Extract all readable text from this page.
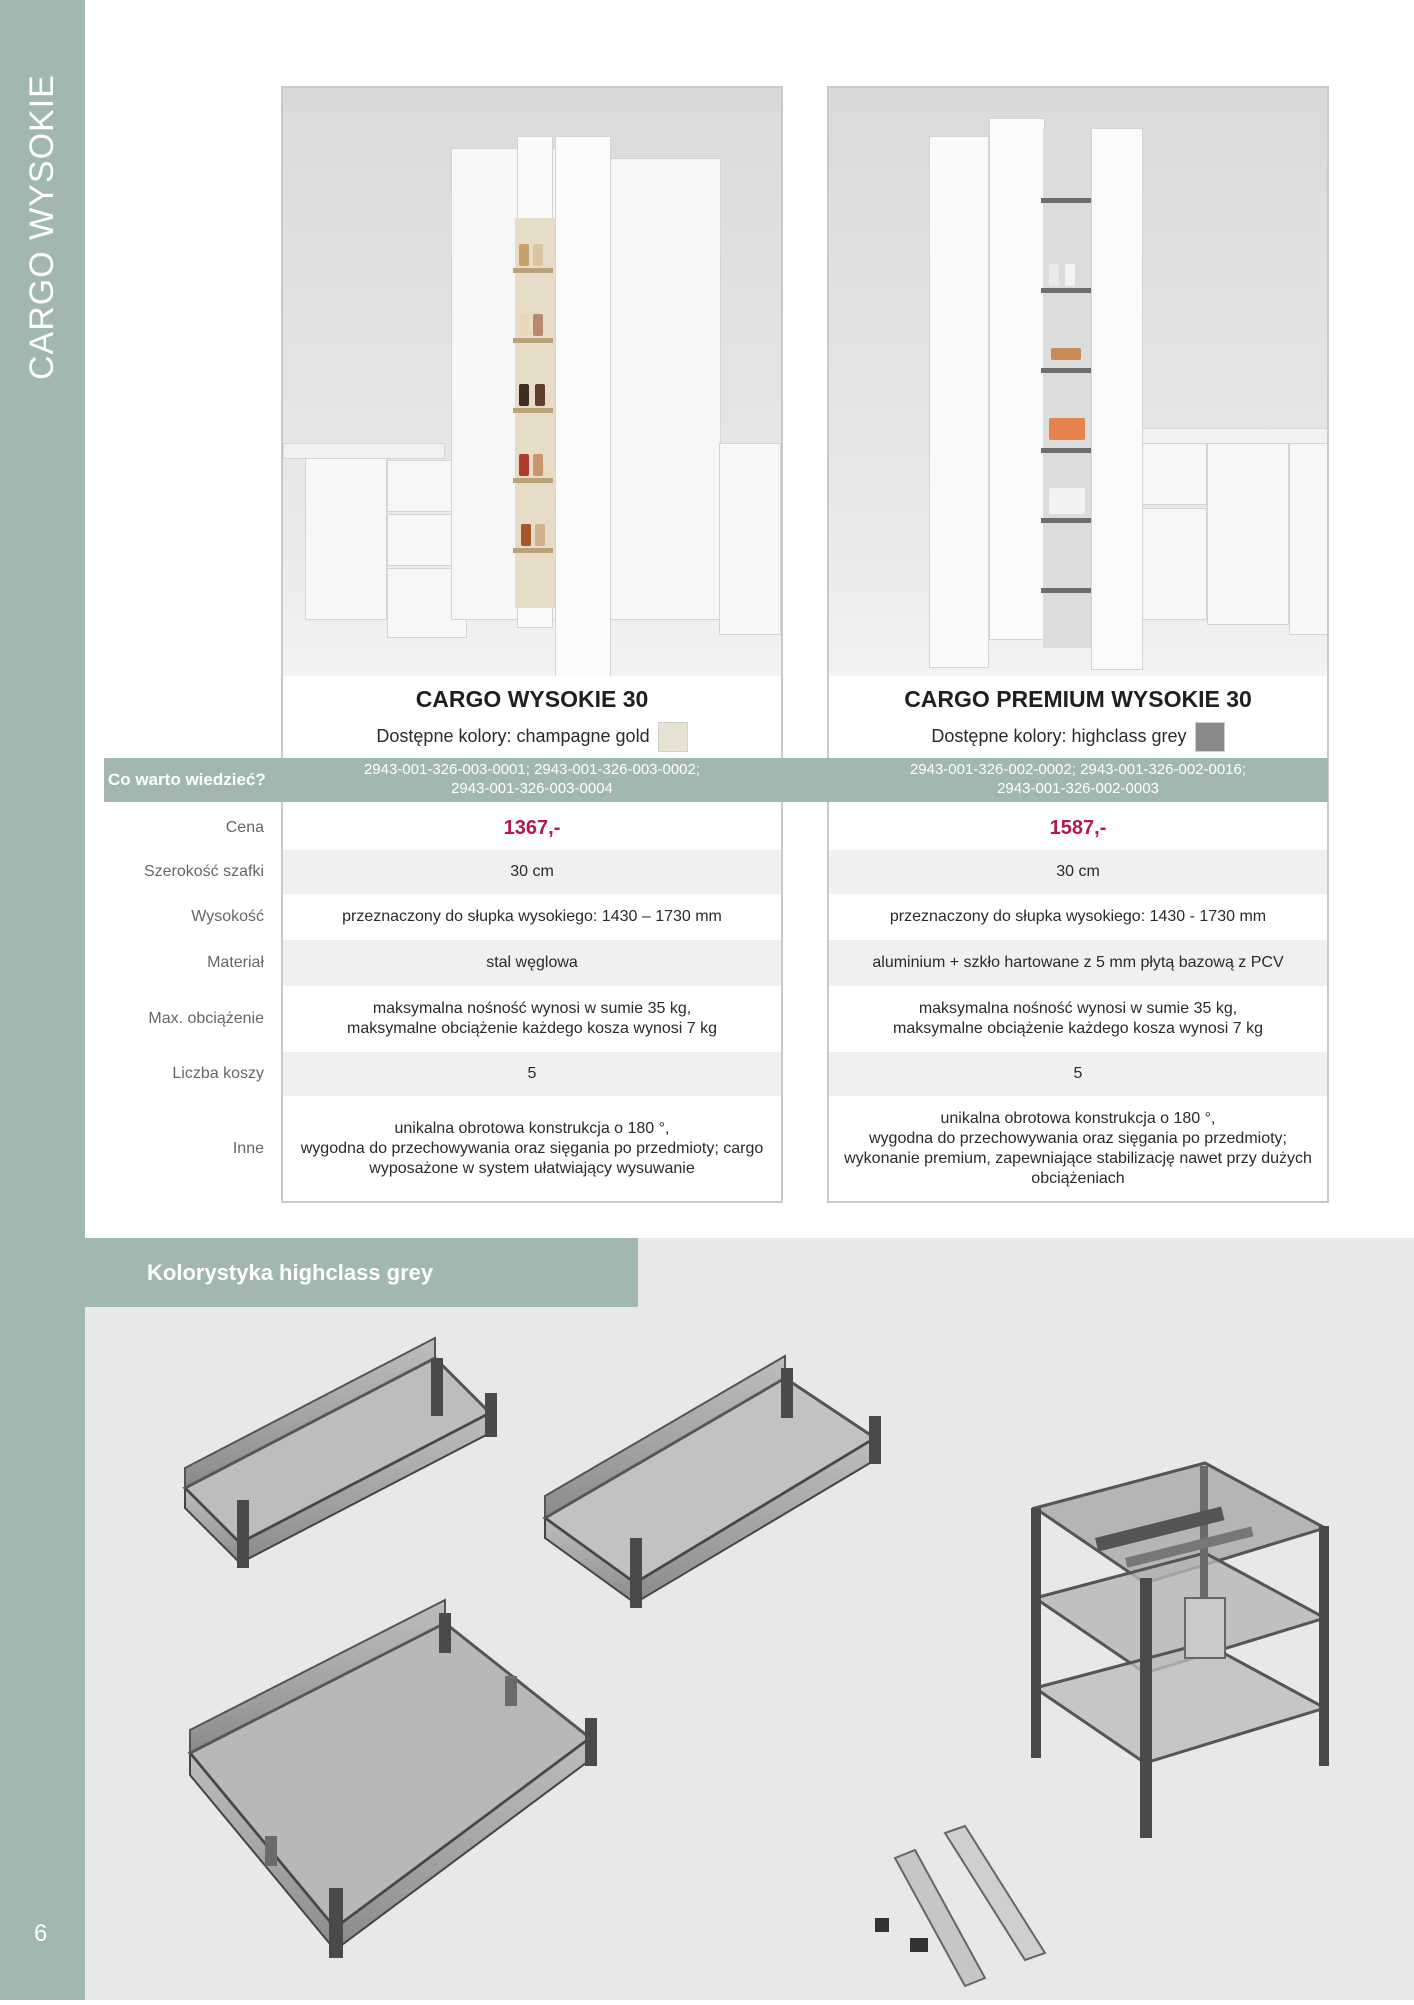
CARGO WYSOKIE
6
CARGO WYSOKIE 30
Dostępne kolory: champagne gold
CARGO PREMIUM WYSOKIE 30
Dostępne kolory: highclass grey
Co warto wiedzieć?
2943-001-326-003-0001; 2943-001-326-003-0002;
2943-001-326-003-0004
2943-001-326-002-0002; 2943-001-326-002-0016;
2943-001-326-002-0003
Cena
Szerokość szafki
Wysokość
Materiał
Max. obciążenie
Liczba koszy
Inne
1367,-
30 cm
przeznaczony do słupka wysokiego: 1430 – 1730 mm
stal węglowa
maksymalna nośność wynosi w sumie 35 kg,
maksymalne obciążenie każdego kosza wynosi 7 kg
5
unikalna obrotowa konstrukcja o 180 °,
wygodna do przechowywania oraz sięgania po przedmioty; cargo
wyposażone w system ułatwiający wysuwanie
1587,-
30 cm
przeznaczony do słupka wysokiego: 1430 - 1730 mm
aluminium + szkło hartowane z 5 mm płytą bazową z PCV
maksymalna nośność wynosi w sumie 35 kg,
maksymalne obciążenie każdego kosza wynosi 7 kg
5
unikalna obrotowa konstrukcja o 180 °,
wygodna do przechowywania oraz sięgania po przedmioty;
wykonanie premium, zapewniające stabilizację nawet przy dużych
obciążeniach
Kolorystyka highclass grey
